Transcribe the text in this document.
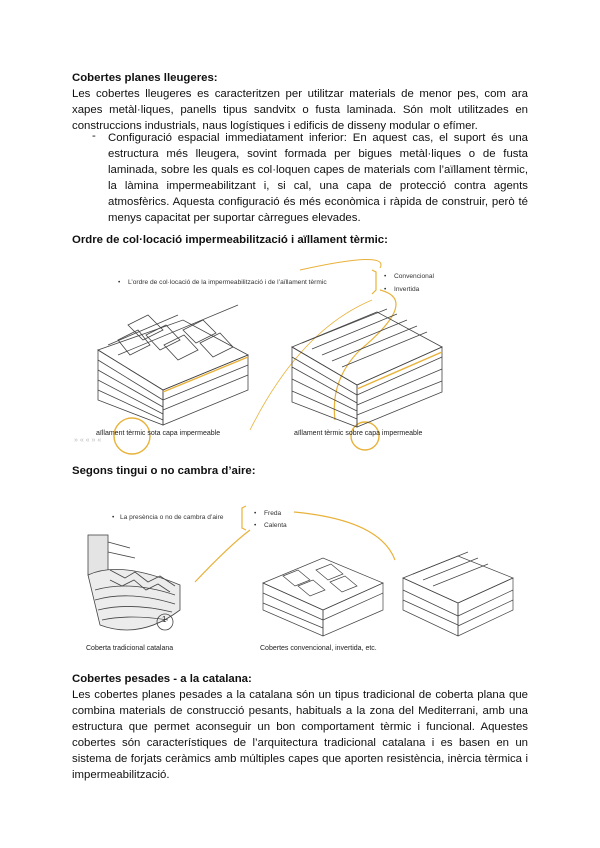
Cobertes planes lleugeres:
Les cobertes lleugeres es caracteritzen per utilitzar materials de menor pes, com ara xapes metàl·liques, panells tipus sandvitx o fusta laminada. Són molt utilitzades en construccions industrials, naus logístiques i edificis de disseny modular o efímer.
- Configuració espacial immediatament inferior: En aquest cas, el suport és una estructura més lleugera, sovint formada per bigues metàl·liques o de fusta laminada, sobre les quals es col·loquen capes de materials com l’aïllament tèrmic, la làmina impermeabilitzant i, si cal, una capa de protecció contra agents atmosfèrics. Aquesta configuració és més econòmica i ràpida de construir, però té menys capacitat per suportar càrregues elevades.
Ordre de col·locació impermeabilització i aïllament tèrmic:
• L’ordre de col·locació de la impermeabilització i de l’aïllament tèrmic
• Convencional
• Invertida
aïllament tèrmic sota capa impermeable	aïllament tèrmic sobre capa impermeable
» « « » «
Segons tingui o no cambra d’aire:
• La presència o no de cambra d’aire
• Freda
• Calenta
1
Coberta tradicional catalana	Cobertes convencional, invertida, etc.
Cobertes pesades - a la catalana:
Les cobertes planes pesades a la catalana són un tipus tradicional de coberta plana que combina materials de construcció pesants, habituals a la zona del Mediterrani, amb una estructura que permet aconseguir un bon comportament tèrmic i funcional. Aquestes cobertes són característiques de l’arquitectura tradicional catalana i es basen en un sistema de forjats ceràmics amb múltiples capes que aporten resistència, inèrcia tèrmica i impermeabilització.
